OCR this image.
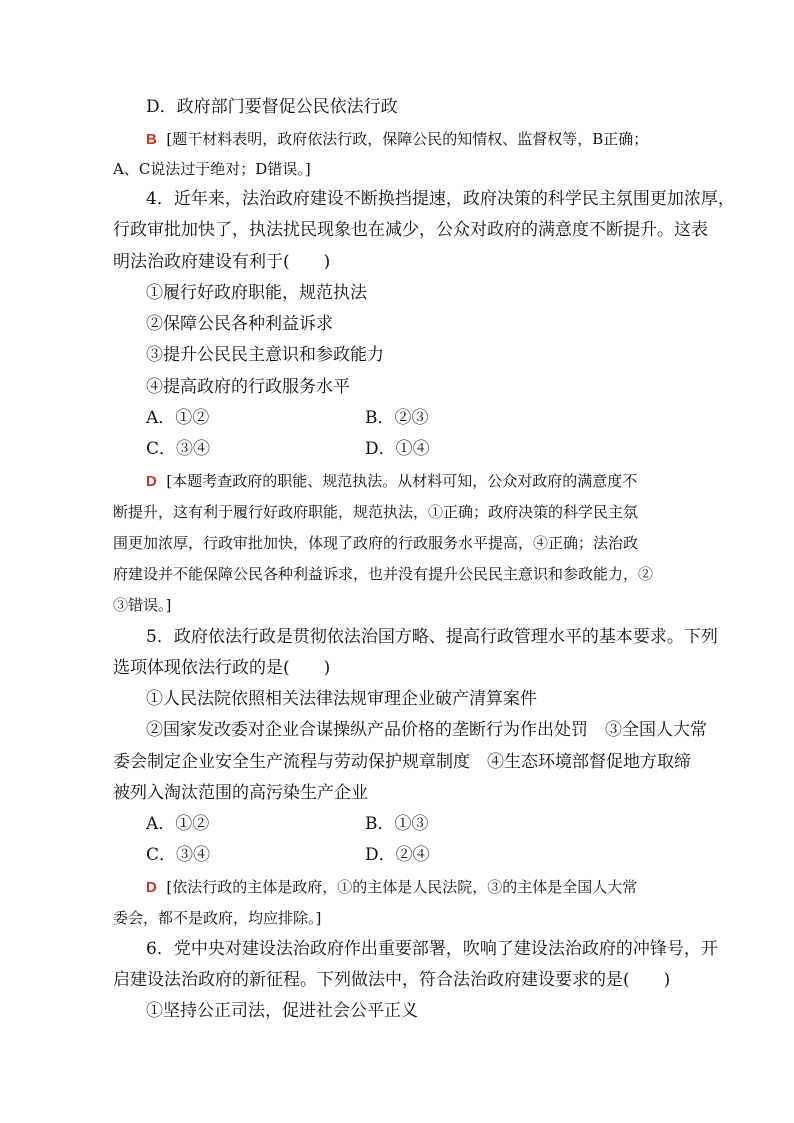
D．政府部门要督促公民依法行政
B [题干材料表明，政府依法行政，保障公民的知情权、监督权等，B正确；
A、C说法过于绝对；D错误。]
4．近年来，法治政府建设不断换挡提速，政府决策的科学民主氛围更加浓厚，
行政审批加快了，执法扰民现象也在减少，公众对政府的满意度不断提升。这表
明法治政府建设有利于(　　)
①履行好政府职能，规范执法
②保障公民各种利益诉求
③提升公民民主意识和参政能力
④提高政府的行政服务水平
A．①②	B．②③
C．③④	D．①④
D [本题考查政府的职能、规范执法。从材料可知，公众对政府的满意度不
断提升，这有利于履行好政府职能，规范执法，①正确；政府决策的科学民主氛
围更加浓厚，行政审批加快，体现了政府的行政服务水平提高，④正确；法治政
府建设并不能保障公民各种利益诉求，也并没有提升公民民主意识和参政能力，②
③错误。]
5．政府依法行政是贯彻依法治国方略、提高行政管理水平的基本要求。下列
选项体现依法行政的是(　　)
①人民法院依照相关法律法规审理企业破产清算案件
②国家发改委对企业合谋操纵产品价格的垄断行为作出处罚　③全国人大常
委会制定企业安全生产流程与劳动保护规章制度　④生态环境部督促地方取缔
被列入淘汰范围的高污染生产企业
A．①②	B．①③
C．③④	D．②④
D [依法行政的主体是政府，①的主体是人民法院，③的主体是全国人大常
委会，都不是政府，均应排除。]
6．党中央对建设法治政府作出重要部署，吹响了建设法治政府的冲锋号，开
启建设法治政府的新征程。下列做法中，符合法治政府建设要求的是(　　)
①坚持公正司法，促进社会公平正义
